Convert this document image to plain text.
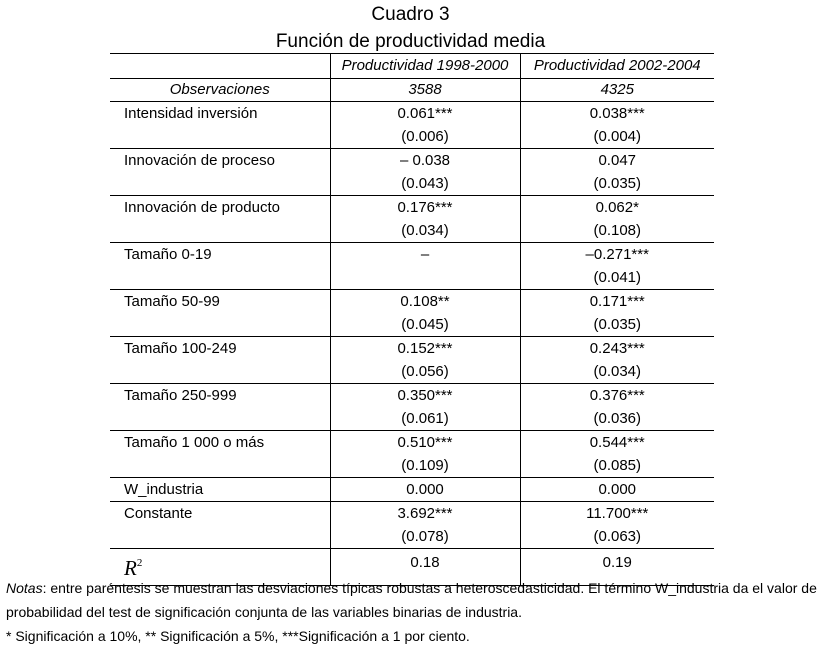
Cuadro 3
Función de productividad media
	Productividad 1998-2000	Productividad 2002-2004
Observaciones	3588	4325
Intensidad inversión	0.061***	0.038***
	(0.006)	(0.004)
Innovación de proceso	– 0.038	0.047
	(0.043)	(0.035)
Innovación de producto	0.176***	0.062*
	(0.034)	(0.108)
Tamaño 0-19	–	–0.271***
		(0.041)
Tamaño 50-99	0.108**	0.171***
	(0.045)	(0.035)
Tamaño 100-249	0.152***	0.243***
	(0.056)	(0.034)
Tamaño 250-999	0.350***	0.376***
	(0.061)	(0.036)
Tamaño 1 000 o más	0.510***	0.544***
	(0.109)	(0.085)
W_industria	0.000	0.000
Constante	3.692***	11.700***
	(0.078)	(0.063)
$R^2$	0.18	0.19

Notas: entre paréntesis se muestran las desviaciones típicas robustas a heteroscedasticidad. El término W_industria da el valor de

probabilidad del test de significación conjunta de las variables binarias de industria.

* Significación a 10%, ** Significación a 5%, ***Significación a 1 por ciento.
